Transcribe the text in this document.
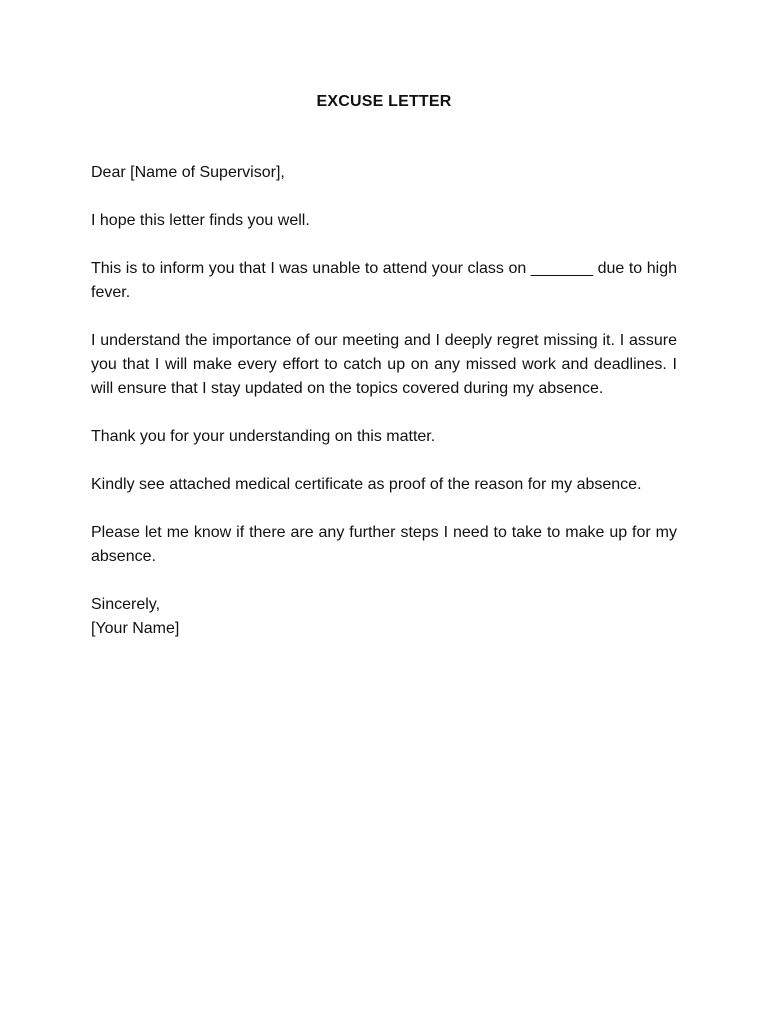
EXCUSE LETTER
Dear [Name of Supervisor],
I hope this letter finds you well.
This is to inform you that I was unable to attend your class on _______ due to high fever.
I understand the importance of our meeting and I deeply regret missing it. I assure you that I will make every effort to catch up on any missed work and deadlines. I will ensure that I stay updated on the topics covered during my absence.
Thank you for your understanding on this matter.
Kindly see attached medical certificate as proof of the reason for my absence.
Please let me know if there are any further steps I need to take to make up for my absence.
Sincerely,
[Your Name]
